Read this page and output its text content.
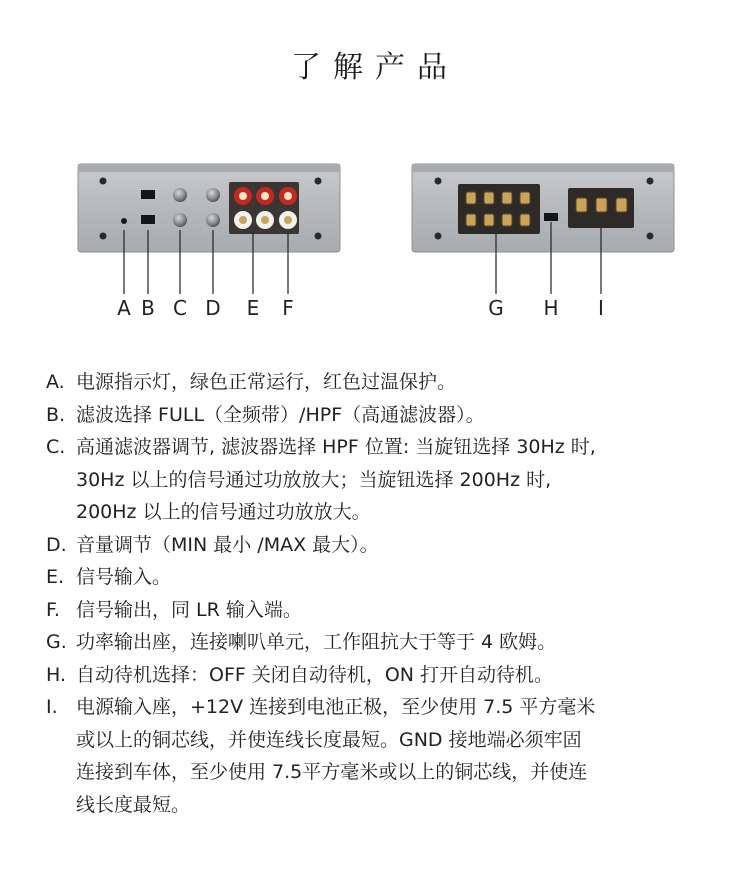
了解产品
A B C D E F	G H I
A. 电源指示灯，绿色正常运行，红色过温保护。
B. 滤波选择 FULL（全频带）/HPF（高通滤波器）。
C. 高通滤波器调节, 滤波器选择 HPF 位置: 当旋钮选择 30Hz 时,
30Hz 以上的信号通过功放放大；当旋钮选择 200Hz 时,
200Hz 以上的信号通过功放放大。
D. 音量调节（MIN 最小 /MAX 最大）。
E. 信号输入。
F. 信号输出，同 LR 输入端。
G. 功率输出座，连接喇叭单元，工作阻抗大于等于 4 欧姆。
H. 自动待机选择：OFF 关闭自动待机，ON 打开自动待机。
I. 电源输入座，+12V 连接到电池正极，至少使用 7.5 平方毫米
或以上的铜芯线，并使连线长度最短。GND 接地端必须牢固
连接到车体，至少使用 7.5平方毫米或以上的铜芯线，并使连
线长度最短。
